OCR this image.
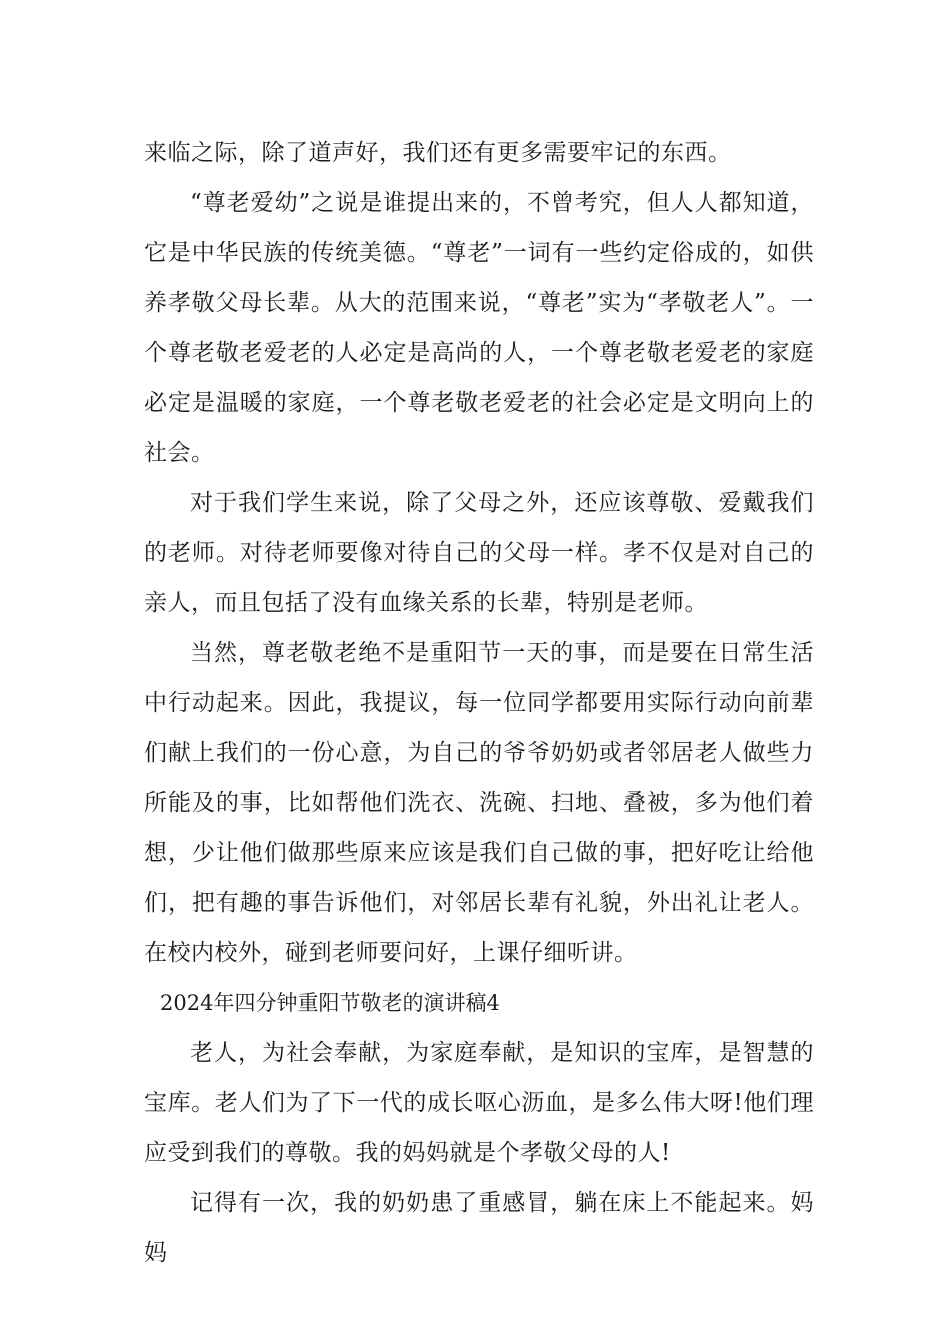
来临之际，除了道声好，我们还有更多需要牢记的东西。

“尊老爱幼”之说是谁提出来的，不曾考究，但人人都知道，它是中华民族的传统美德。“尊老”一词有一些约定俗成的，如供养孝敬父母长辈。从大的范围来说，“尊老”实为“孝敬老人”。一个尊老敬老爱老的人必定是高尚的人，一个尊老敬老爱老的家庭必定是温暖的家庭，一个尊老敬老爱老的社会必定是文明向上的社会。

对于我们学生来说，除了父母之外，还应该尊敬、爱戴我们的老师。对待老师要像对待自己的父母一样。孝不仅是对自己的亲人，而且包括了没有血缘关系的长辈，特别是老师。

当然，尊老敬老绝不是重阳节一天的事，而是要在日常生活中行动起来。因此，我提议，每一位同学都要用实际行动向前辈们献上我们的一份心意，为自己的爷爷奶奶或者邻居老人做些力所能及的事，比如帮他们洗衣、洗碗、扫地、叠被，多为他们着想，少让他们做那些原来应该是我们自己做的事，把好吃让给他们，把有趣的事告诉他们，对邻居长辈有礼貌，外出礼让老人。在校内校外，碰到老师要问好，上课仔细听讲。

2024年四分钟重阳节敬老的演讲稿4

老人，为社会奉献，为家庭奉献，是知识的宝库，是智慧的宝库。老人们为了下一代的成长呕心沥血，是多么伟大呀!他们理应受到我们的尊敬。我的妈妈就是个孝敬父母的人!

记得有一次，我的奶奶患了重感冒，躺在床上不能起来。妈妈
